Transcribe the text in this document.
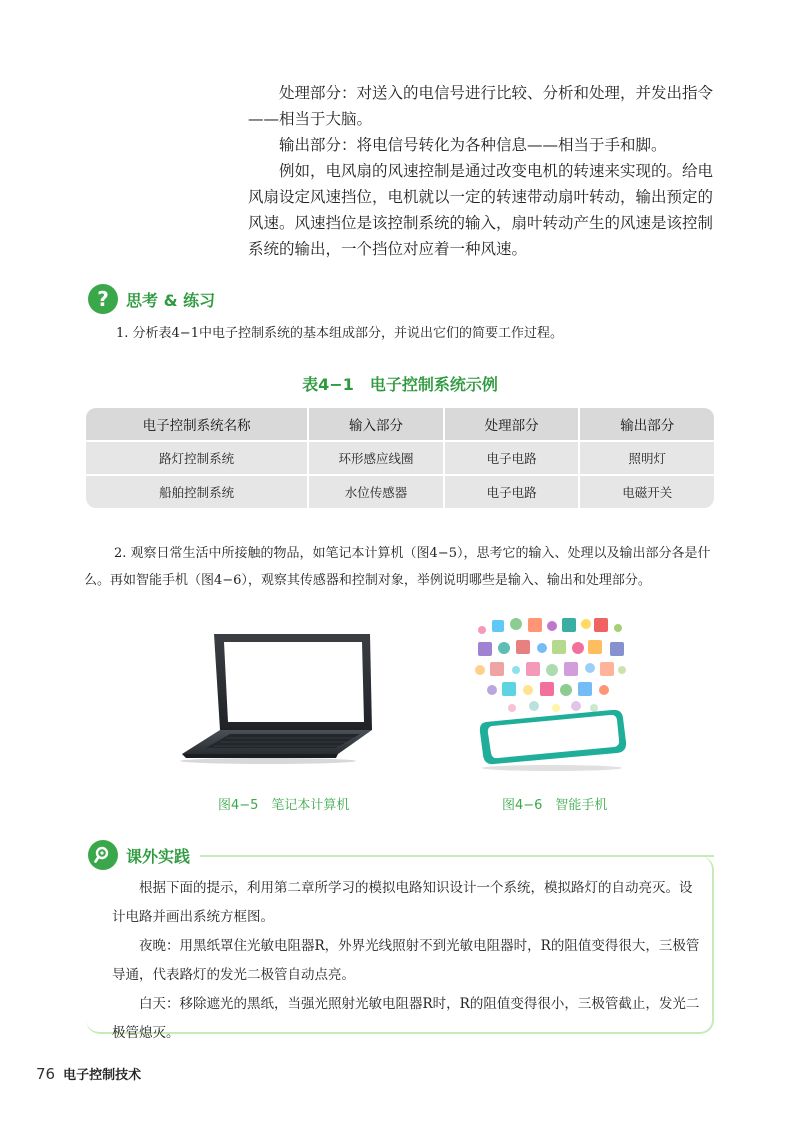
处理部分：对送入的电信号进行比较、分析和处理，并发出指令——相当于大脑。

输出部分：将电信号转化为各种信息——相当于手和脚。

例如，电风扇的风速控制是通过改变电机的转速来实现的。给电风扇设定风速挡位，电机就以一定的转速带动扇叶转动，输出预定的风速。风速挡位是该控制系统的输入，扇叶转动产生的风速是该控制系统的输出，一个挡位对应着一种风速。

?	思考 & 练习

1. 分析表4−1中电子控制系统的基本组成部分，并说出它们的简要工作过程。

表4−1　电子控制系统示例
电子控制系统名称	输入部分	处理部分	输出部分
路灯控制系统	环形感应线圈	电子电路	照明灯
船舶控制系统	水位传感器	电子电路	电磁开关

2. 观察日常生活中所接触的物品，如笔记本计算机（图4−5），思考它的输入、处理以及输出部分各是什么。再如智能手机（图4−6），观察其传感器和控制对象，举例说明哪些是输入、输出和处理部分。

图4−5　笔记本计算机	图4−6　智能手机
课外实践

根据下面的提示，利用第二章所学习的模拟电路知识设计一个系统，模拟路灯的自动亮灭。设计电路并画出系统方框图。

夜晚：用黑纸罩住光敏电阻器R，外界光线照射不到光敏电阻器时，R的阻值变得很大，三极管导通，代表路灯的发光二极管自动点亮。

白天：移除遮光的黑纸，当强光照射光敏电阻器R时，R的阻值变得很小，三极管截止，发光二极管熄灭。

76 电子控制技术
